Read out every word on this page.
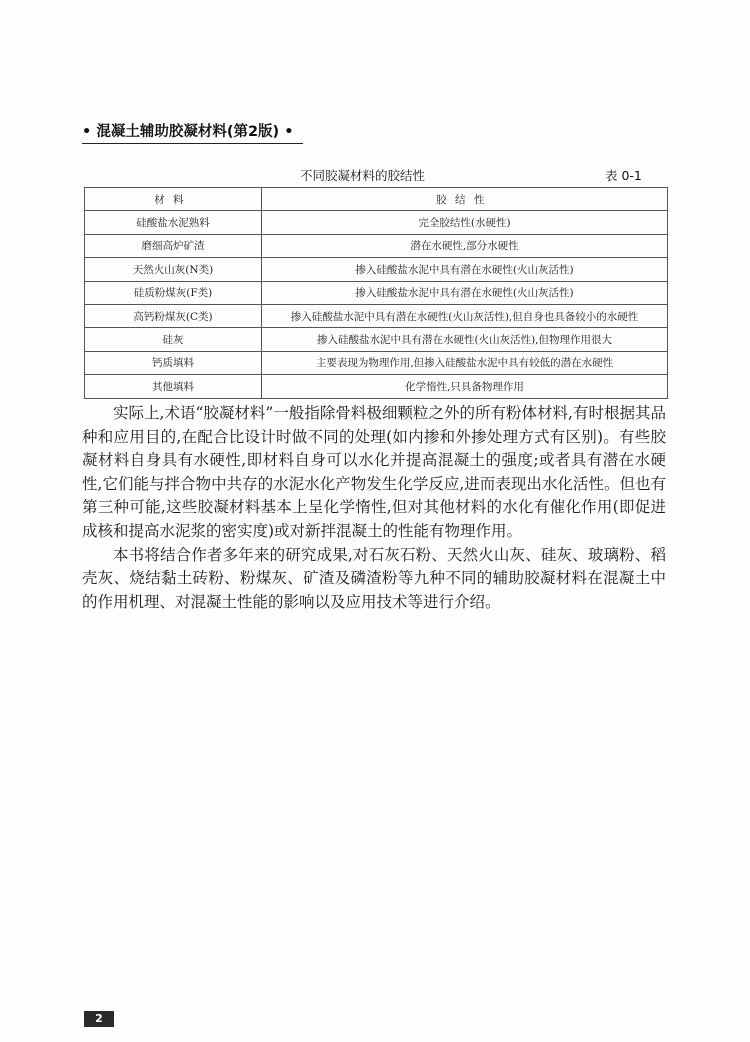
• 混凝土辅助胶凝材料(第2版) •
不同胶凝材料的胶结性	表 0-1
材料	胶结性
硅酸盐水泥熟料	完全胶结性(水硬性)
磨细高炉矿渣	潜在水硬性,部分水硬性
天然火山灰(N类)	掺入硅酸盐水泥中具有潜在水硬性(火山灰活性)
硅质粉煤灰(F类)	掺入硅酸盐水泥中具有潜在水硬性(火山灰活性)
高钙粉煤灰(C类)	掺入硅酸盐水泥中具有潜在水硬性(火山灰活性),但自身也具备较小的水硬性
硅灰	掺入硅酸盐水泥中具有潜在水硬性(火山灰活性),但物理作用很大
钙质填料	主要表现为物理作用,但掺入硅酸盐水泥中具有较低的潜在水硬性
其他填料	化学惰性,只具备物理作用

实际上,术语“胶凝材料”一般指除骨料极细颗粒之外的所有粉体材料,有时根据其品种和应用目的,在配合比设计时做不同的处理(如内掺和外掺处理方式有区别)。有些胶凝材料自身具有水硬性,即材料自身可以水化并提高混凝土的强度;或者具有潜在水硬性,它们能与拌合物中共存的水泥水化产物发生化学反应,进而表现出水化活性。但也有第三种可能,这些胶凝材料基本上呈化学惰性,但对其他材料的水化有催化作用(即促进成核和提高水泥浆的密实度)或对新拌混凝土的性能有物理作用。

本书将结合作者多年来的研究成果,对石灰石粉、天然火山灰、硅灰、玻璃粉、稻壳灰、烧结黏土砖粉、粉煤灰、矿渣及磷渣粉等九种不同的辅助胶凝材料在混凝土中的作用机理、对混凝土性能的影响以及应用技术等进行介绍。

2
